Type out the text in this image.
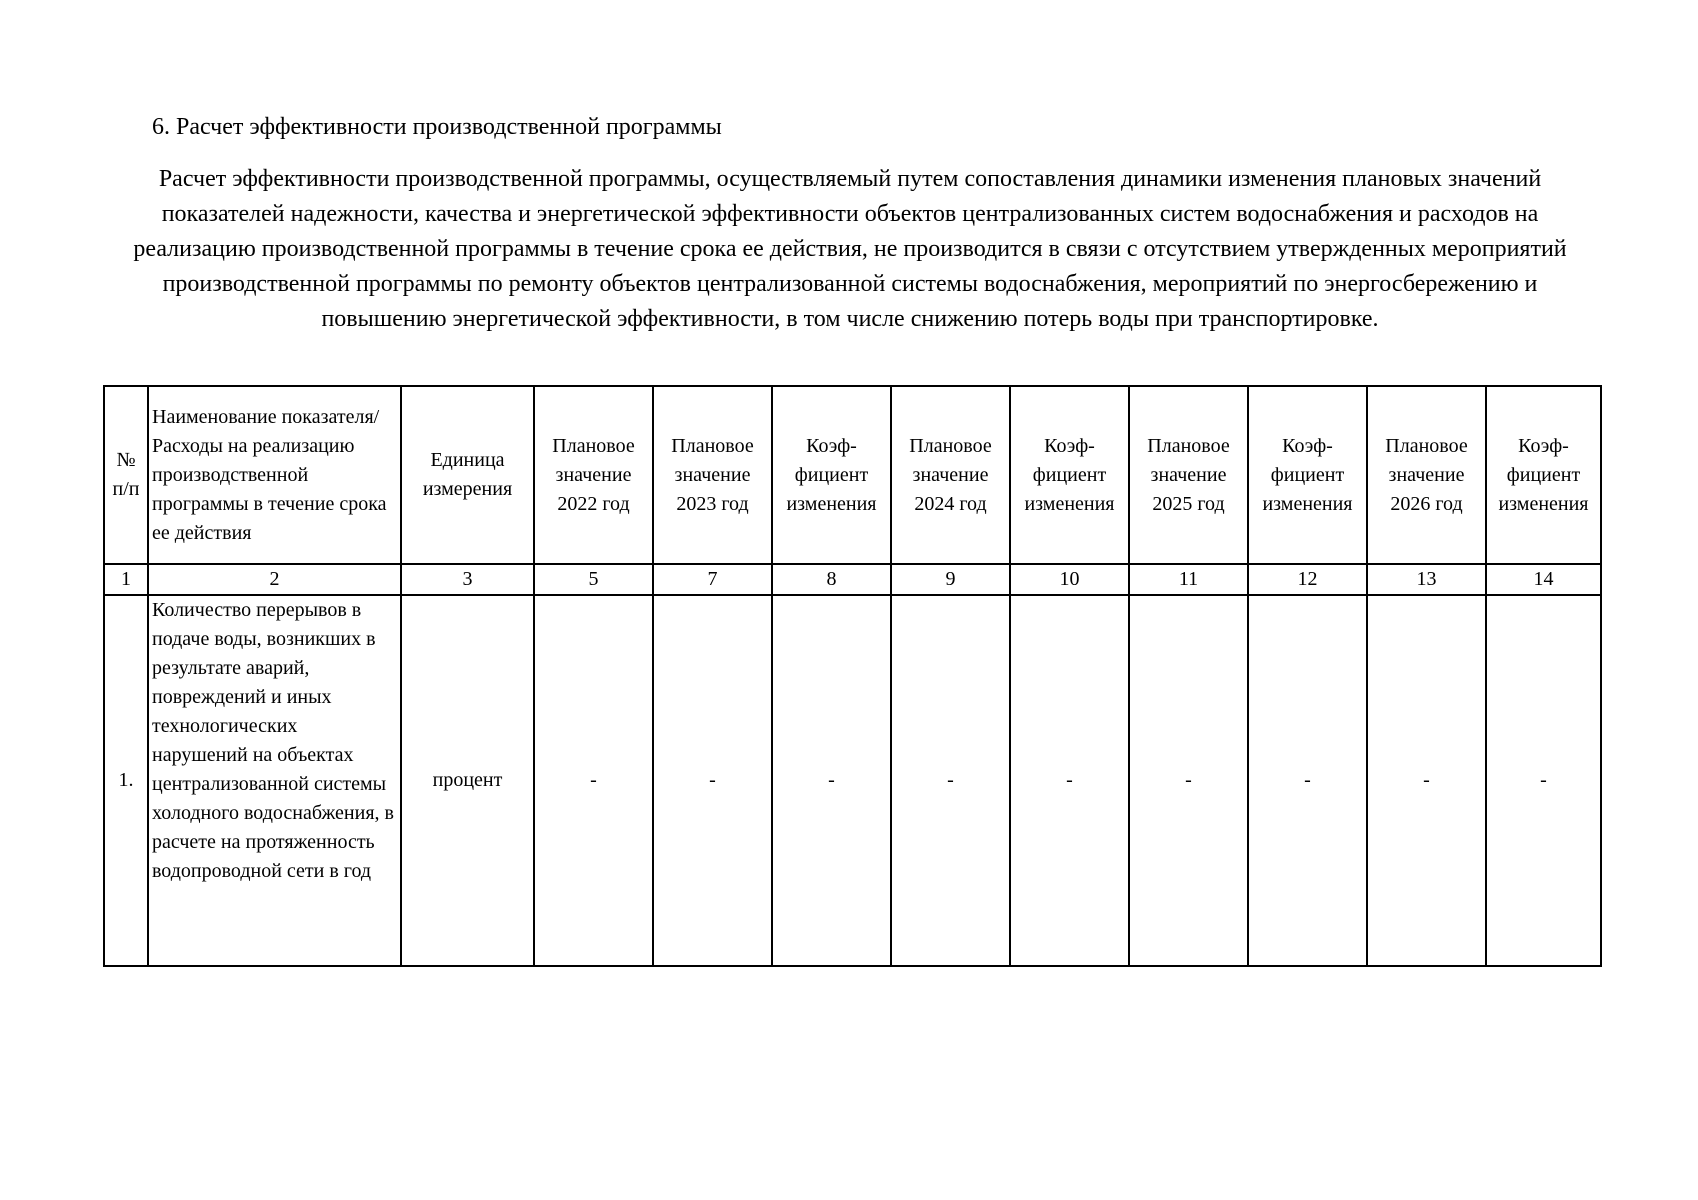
6. Расчет эффективности производственной программы

Расчет эффективности производственной программы, осуществляемый путем сопоставления динамики изменения плановых значений показателей надежности, качества и энергетической эффективности объектов централизованных систем водоснабжения и расходов на реализацию производственной программы в течение срока ее действия, не производится в связи с отсутствием утвержденных мероприятий производственной программы по ремонту объектов централизованной системы водоснабжения, мероприятий по энергосбережению и повышению энергетической эффективности, в том числе снижению потерь воды при транспортировке.

№ п/п	Наименование показателя/Расходы на реализацию производственной программы в течение срока ее действия	Единица измерения	Плановое значение 2022 год	Плановое значение 2023 год	Коэф-фициент изменения	Плановое значение 2024 год	Коэф-фициент изменения	Плановое значение 2025 год	Коэф-фициент изменения	Плановое значение 2026 год	Коэф-фициент изменения
1	2	3	5	7	8	9	10	11	12	13	14
1.	Количество перерывов в подаче воды, возникших в результате аварий, повреждений и иных технологических нарушений на объектах централизованной системы холодного водоснабжения, в расчете на протяженность водопроводной сети в год	процент	-	-	-	-	-	-	-	-	-
